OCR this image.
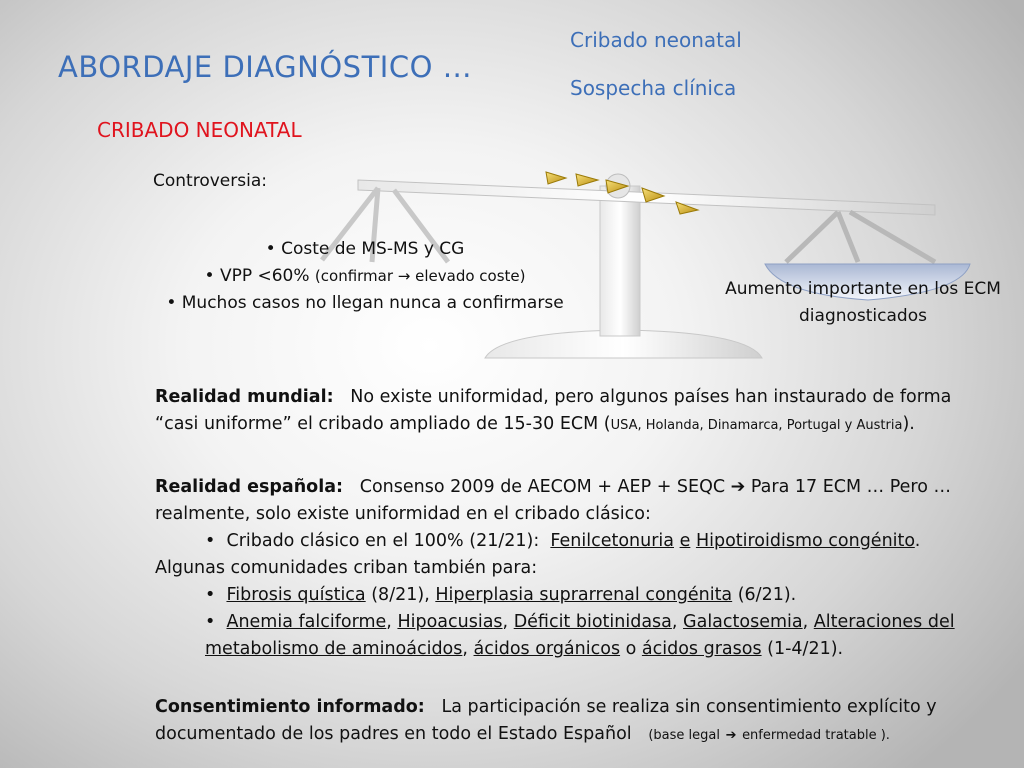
ABORDAJE DIAGNÓSTICO …
Cribado neonatal
Sospecha clínica
CRIBADO NEONATAL
Controversia:
• Coste de MS-MS y CG
• VPP <60% (confirmar → elevado coste)
• Muchos casos no llegan nunca a confirmarse
Aumento importante en los ECM diagnosticados
Realidad mundial: No existe uniformidad, pero algunos países han instaurado de forma “casi uniforme” el cribado ampliado de 15-30 ECM (USA, Holanda, Dinamarca, Portugal y Austria).
Realidad española: Consenso 2009 de AECOM + AEP + SEQC ➔ Para 17 ECM … Pero … realmente, solo existe uniformidad en el cribado clásico:
• Cribado clásico en el 100% (21/21): Fenilcetonuria e Hipotiroidismo congénito.
Algunas comunidades criban también para:
• Fibrosis quística (8/21), Hiperplasia suprarrenal congénita (6/21).
• Anemia falciforme, Hipoacusias, Déficit biotinidasa, Galactosemia, Alteraciones del metabolismo de aminoácidos, ácidos orgánicos o ácidos grasos (1-4/21).
Consentimiento informado: La participación se realiza sin consentimiento explícito y documentado de los padres en todo el Estado Español (base legal ➔ enfermedad tratable ).
